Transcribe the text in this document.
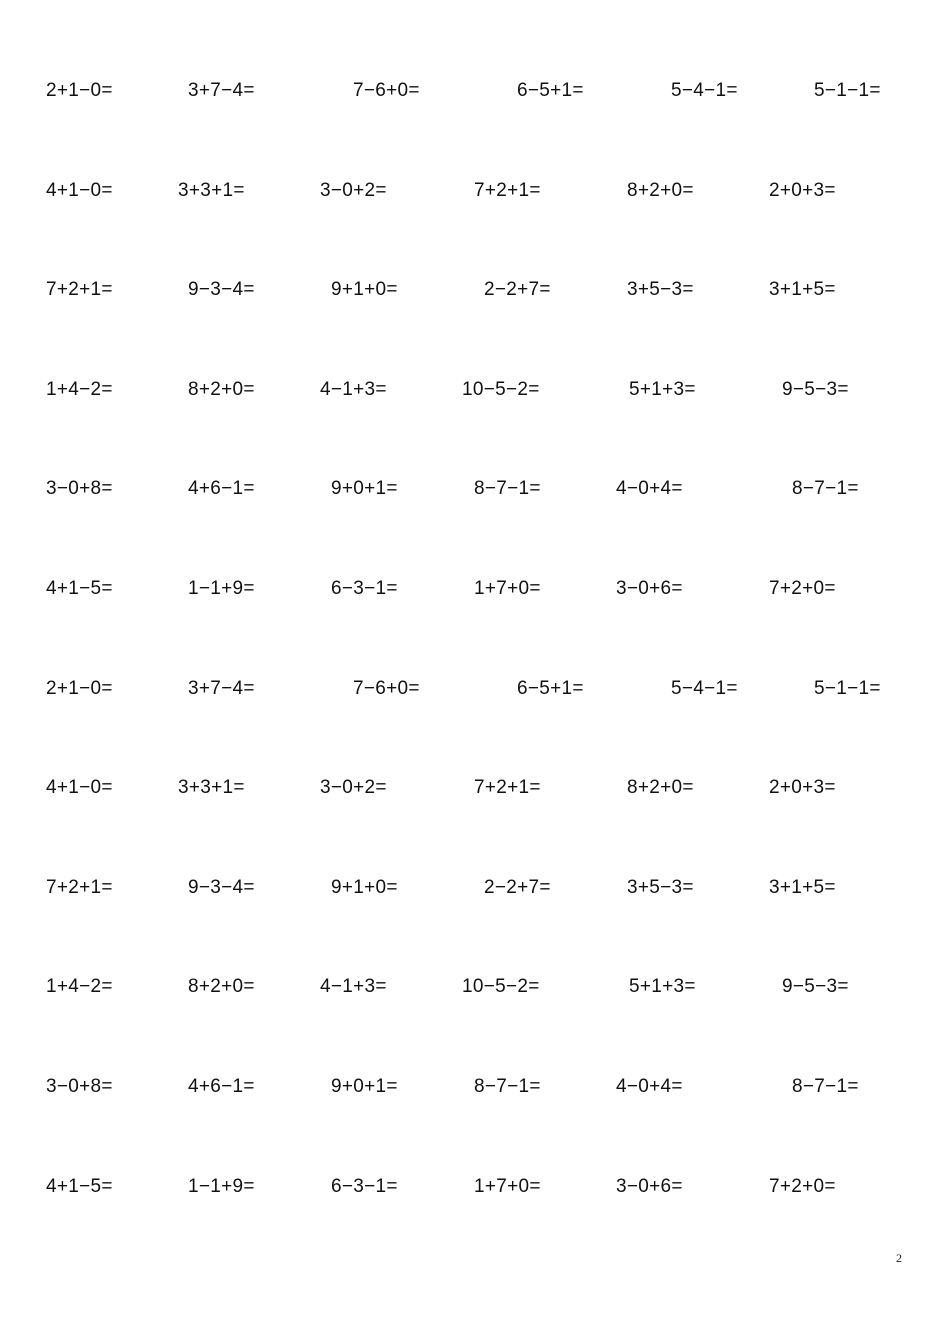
2
2+1−0=	3+7−4=	7−6+0=	6−5+1=	5−4−1=	5−1−1=
4+1−0=	3+3+1=	3−0+2=	7+2+1=	8+2+0=	2+0+3=
7+2+1=	9−3−4=	9+1+0=	2−2+7=	3+5−3=	3+1+5=
1+4−2=	8+2+0=	4−1+3=	10−5−2=	5+1+3=	9−5−3=
3−0+8=	4+6−1=	9+0+1=	8−7−1=	4−0+4=	8−7−1=
4+1−5=	1−1+9=	6−3−1=	1+7+0=	3−0+6=	7+2+0=
2+1−0=	3+7−4=	7−6+0=	6−5+1=	5−4−1=	5−1−1=
4+1−0=	3+3+1=	3−0+2=	7+2+1=	8+2+0=	2+0+3=
7+2+1=	9−3−4=	9+1+0=	2−2+7=	3+5−3=	3+1+5=
1+4−2=	8+2+0=	4−1+3=	10−5−2=	5+1+3=	9−5−3=
3−0+8=	4+6−1=	9+0+1=	8−7−1=	4−0+4=	8−7−1=
4+1−5=	1−1+9=	6−3−1=	1+7+0=	3−0+6=	7+2+0=
